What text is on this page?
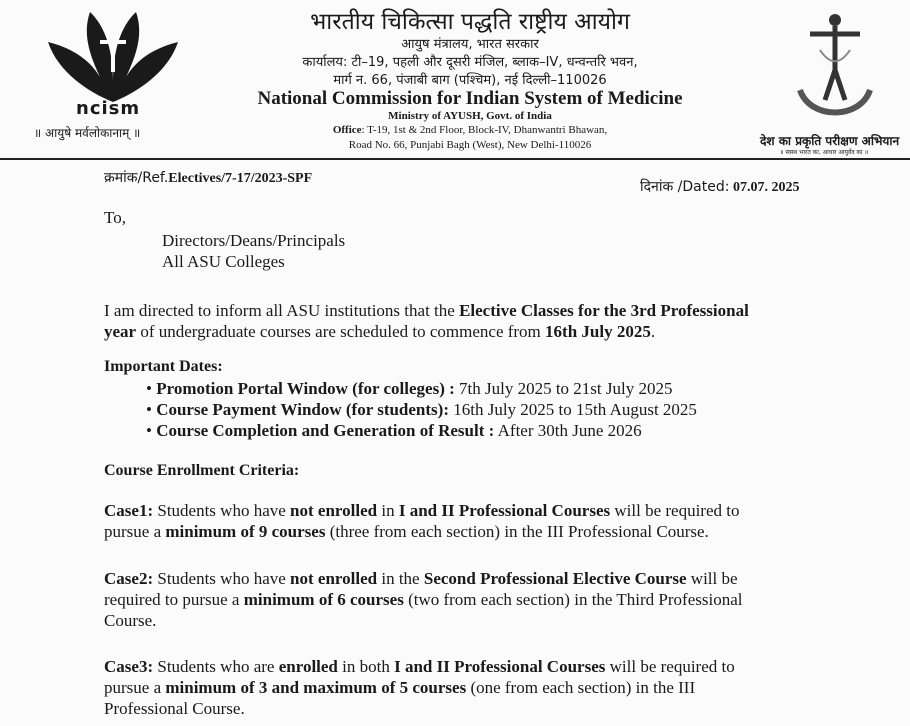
ncism
॥ आयुषे मर्वलोकानाम् ॥
भारतीय चिकित्सा पद्धति राष्ट्रीय आयोग
आयुष मंत्रालय, भारत सरकार
कार्यालय: टी–19, पहली और दूसरी मंजिल, ब्लाक–IV, धन्वन्तरि भवन,
मार्ग न. 66, पंजाबी बाग (पश्चिम), नई दिल्ली–110026
National Commission for Indian System of Medicine
Ministry of AYUSH, Govt. of India
Office: T-19, 1st & 2nd Floor, Block-IV, Dhanwantri Bhawan,
Road No. 66, Punjabi Bagh (West), New Delhi-110026	देश का प्रकृति परीक्षण अभियान
॥ स्वस्थ भारत का, आधार आयुर्वेद का ॥
क्रमांक/Ref.Electives/7-17/2023-SPF
दिनांक /Dated: 07.07. 2025
To,
Directors/Deans/Principals
All ASU Colleges
I am directed to inform all ASU institutions that the Elective Classes for the 3rd Professional
year of undergraduate courses are scheduled to commence from 16th July 2025.
Important Dates:
• Promotion Portal Window (for colleges) : 7th July 2025 to 21st July 2025
• Course Payment Window (for students): 16th July 2025 to 15th August 2025
• Course Completion and Generation of Result : After 30th June 2026
Course Enrollment Criteria:
Case1: Students who have not enrolled in I and II Professional Courses will be required to
pursue a minimum of 9 courses (three from each section) in the III Professional Course.
Case2: Students who have not enrolled in the Second Professional Elective Course will be
required to pursue a minimum of 6 courses (two from each section) in the Third Professional
Course.
Case3: Students who are enrolled in both I and II Professional Courses will be required to
pursue a minimum of 3 and maximum of 5 courses (one from each section) in the III
Professional Course.
